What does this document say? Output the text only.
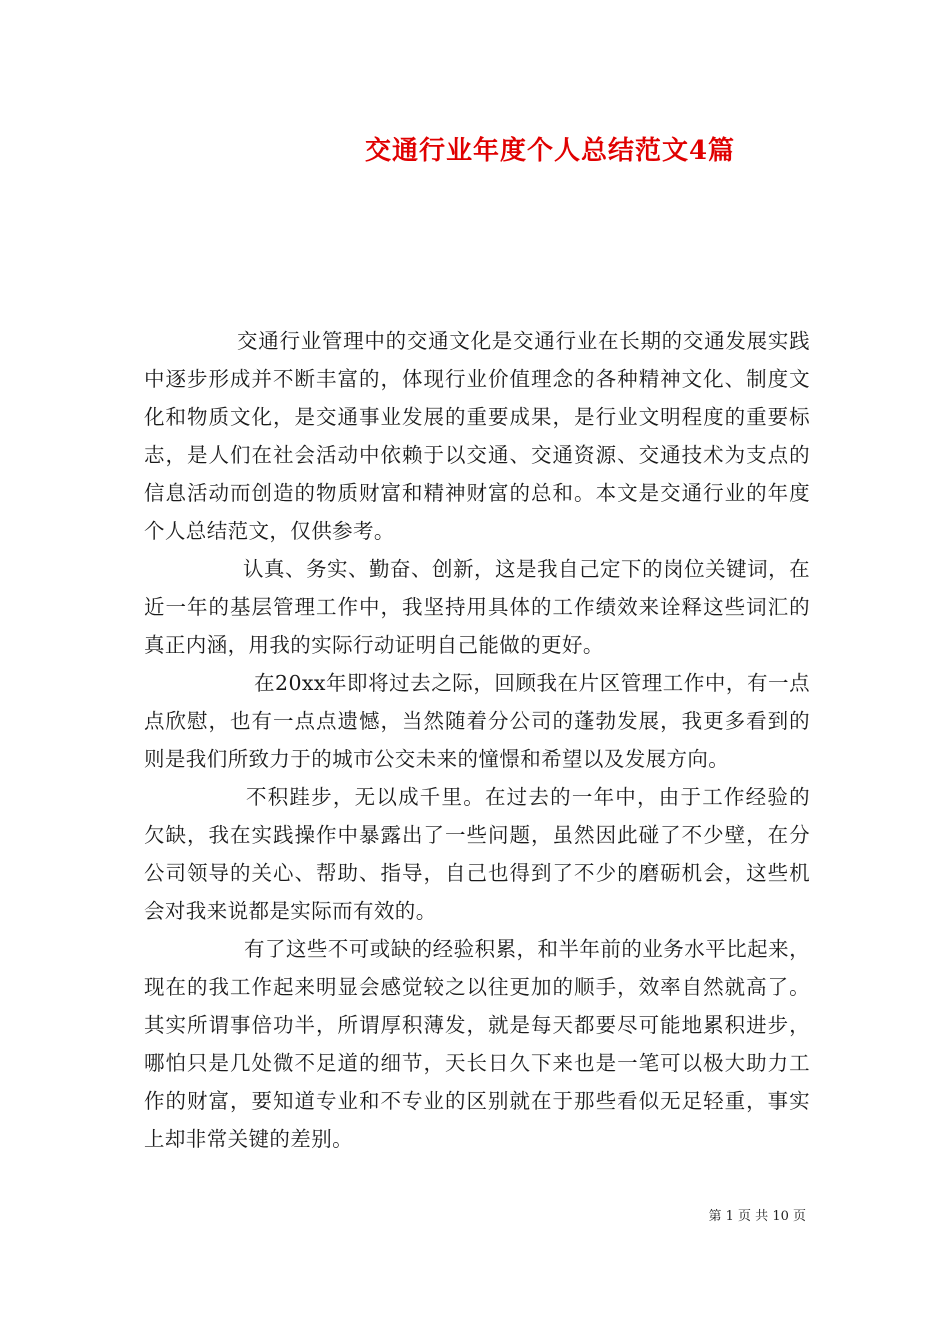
交通行业年度个人总结范文4篇

交通行业管理中的交通文化是交通行业在长期的交通发展实践中逐步形成并不断丰富的，体现行业价值理念的各种精神文化、制度文化和物质文化，是交通事业发展的重要成果，是行业文明程度的重要标志，是人们在社会活动中依赖于以交通、交通资源、交通技术为支点的信息活动而创造的物质财富和精神财富的总和。本文是交通行业的年度个人总结范文，仅供参考。

认真、务实、勤奋、创新，这是我自己定下的岗位关键词，在近一年的基层管理工作中，我坚持用具体的工作绩效来诠释这些词汇的真正内涵，用我的实际行动证明自己能做的更好。

在20xx年即将过去之际，回顾我在片区管理工作中，有一点点欣慰，也有一点点遗憾，当然随着分公司的蓬勃发展，我更多看到的则是我们所致力于的城市公交未来的憧憬和希望以及发展方向。

不积跬步，无以成千里。在过去的一年中，由于工作经验的欠缺，我在实践操作中暴露出了一些问题，虽然因此碰了不少壁，在分公司领导的关心、帮助、指导，自己也得到了不少的磨砺机会，这些机会对我来说都是实际而有效的。

有了这些不可或缺的经验积累，和半年前的业务水平比起来，现在的我工作起来明显会感觉较之以往更加的顺手，效率自然就高了。其实所谓事倍功半，所谓厚积薄发，就是每天都要尽可能地累积进步，哪怕只是几处微不足道的细节，天长日久下来也是一笔可以极大助力工作的财富，要知道专业和不专业的区别就在于那些看似无足轻重，事实上却非常关键的差别。

第 1 页 共 10 页
